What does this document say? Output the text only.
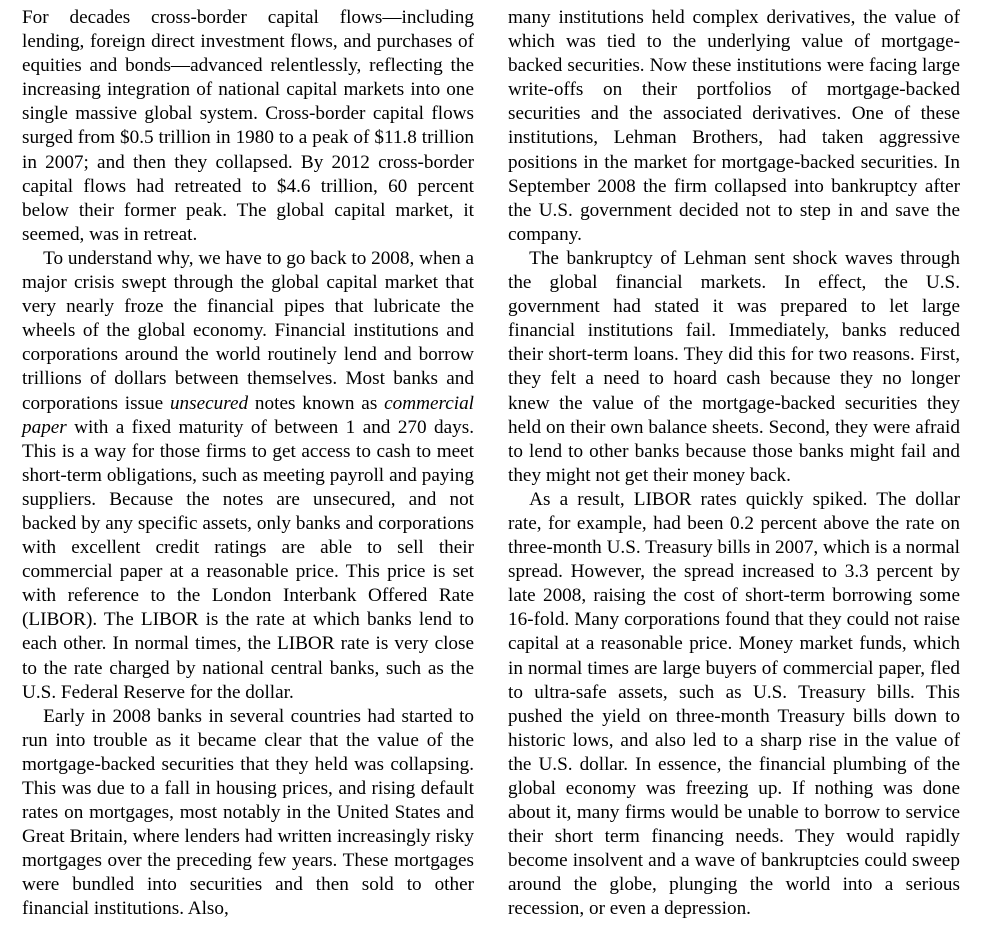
For decades cross-border capital flows—including lending, foreign direct investment flows, and purchases of equities and bonds—advanced relentlessly, reflecting the increasing integration of national capital markets into one single massive global system. Cross-border capital flows surged from $0.5 trillion in 1980 to a peak of $11.8 trillion in 2007; and then they collapsed. By 2012 cross-border capital flows had retreated to $4.6 trillion, 60 percent below their former peak. The global capital market, it seemed, was in retreat.

To understand why, we have to go back to 2008, when a major crisis swept through the global capital market that very nearly froze the financial pipes that lubricate the wheels of the global economy. Financial institutions and corporations around the world routinely lend and borrow trillions of dollars between themselves. Most banks and corporations issue unsecured notes known as commercial paper with a fixed maturity of between 1 and 270 days. This is a way for those firms to get access to cash to meet short-term obligations, such as meeting payroll and paying suppliers. Because the notes are unsecured, and not backed by any specific assets, only banks and corporations with excellent credit ratings are able to sell their commercial paper at a reasonable price. This price is set with reference to the London Interbank Offered Rate (LIBOR). The LIBOR is the rate at which banks lend to each other. In normal times, the LIBOR rate is very close to the rate charged by national central banks, such as the U.S. Federal Reserve for the dollar.

Early in 2008 banks in several countries had started to run into trouble as it became clear that the value of the mortgage-backed securities that they held was collapsing. This was due to a fall in housing prices, and rising default rates on mortgages, most notably in the United States and Great Britain, where lenders had written increasingly risky mortgages over the preceding few years. These mortgages were bundled into securities and then sold to other financial institutions. Also,

many institutions held complex derivatives, the value of which was tied to the underlying value of mortgage-backed securities. Now these institutions were facing large write-offs on their portfolios of mortgage-backed securities and the associated derivatives. One of these institutions, Lehman Brothers, had taken aggressive positions in the market for mortgage-backed securities. In September 2008 the firm collapsed into bankruptcy after the U.S. government decided not to step in and save the company.

The bankruptcy of Lehman sent shock waves through the global financial markets. In effect, the U.S. government had stated it was prepared to let large financial institutions fail. Immediately, banks reduced their short-term loans. They did this for two reasons. First, they felt a need to hoard cash because they no longer knew the value of the mortgage-backed securities they held on their own balance sheets. Second, they were afraid to lend to other banks because those banks might fail and they might not get their money back.

As a result, LIBOR rates quickly spiked. The dollar rate, for example, had been 0.2 percent above the rate on three-month U.S. Treasury bills in 2007, which is a normal spread. However, the spread increased to 3.3 percent by late 2008, raising the cost of short-term borrowing some 16-fold. Many corporations found that they could not raise capital at a reasonable price. Money market funds, which in normal times are large buyers of commercial paper, fled to ultra-safe assets, such as U.S. Treasury bills. This pushed the yield on three-month Treasury bills down to historic lows, and also led to a sharp rise in the value of the U.S. dollar. In essence, the financial plumbing of the global economy was freezing up. If nothing was done about it, many firms would be unable to borrow to service their short term financing needs. They would rapidly become insolvent and a wave of bankruptcies could sweep around the globe, plunging the world into a serious recession, or even a depression.
